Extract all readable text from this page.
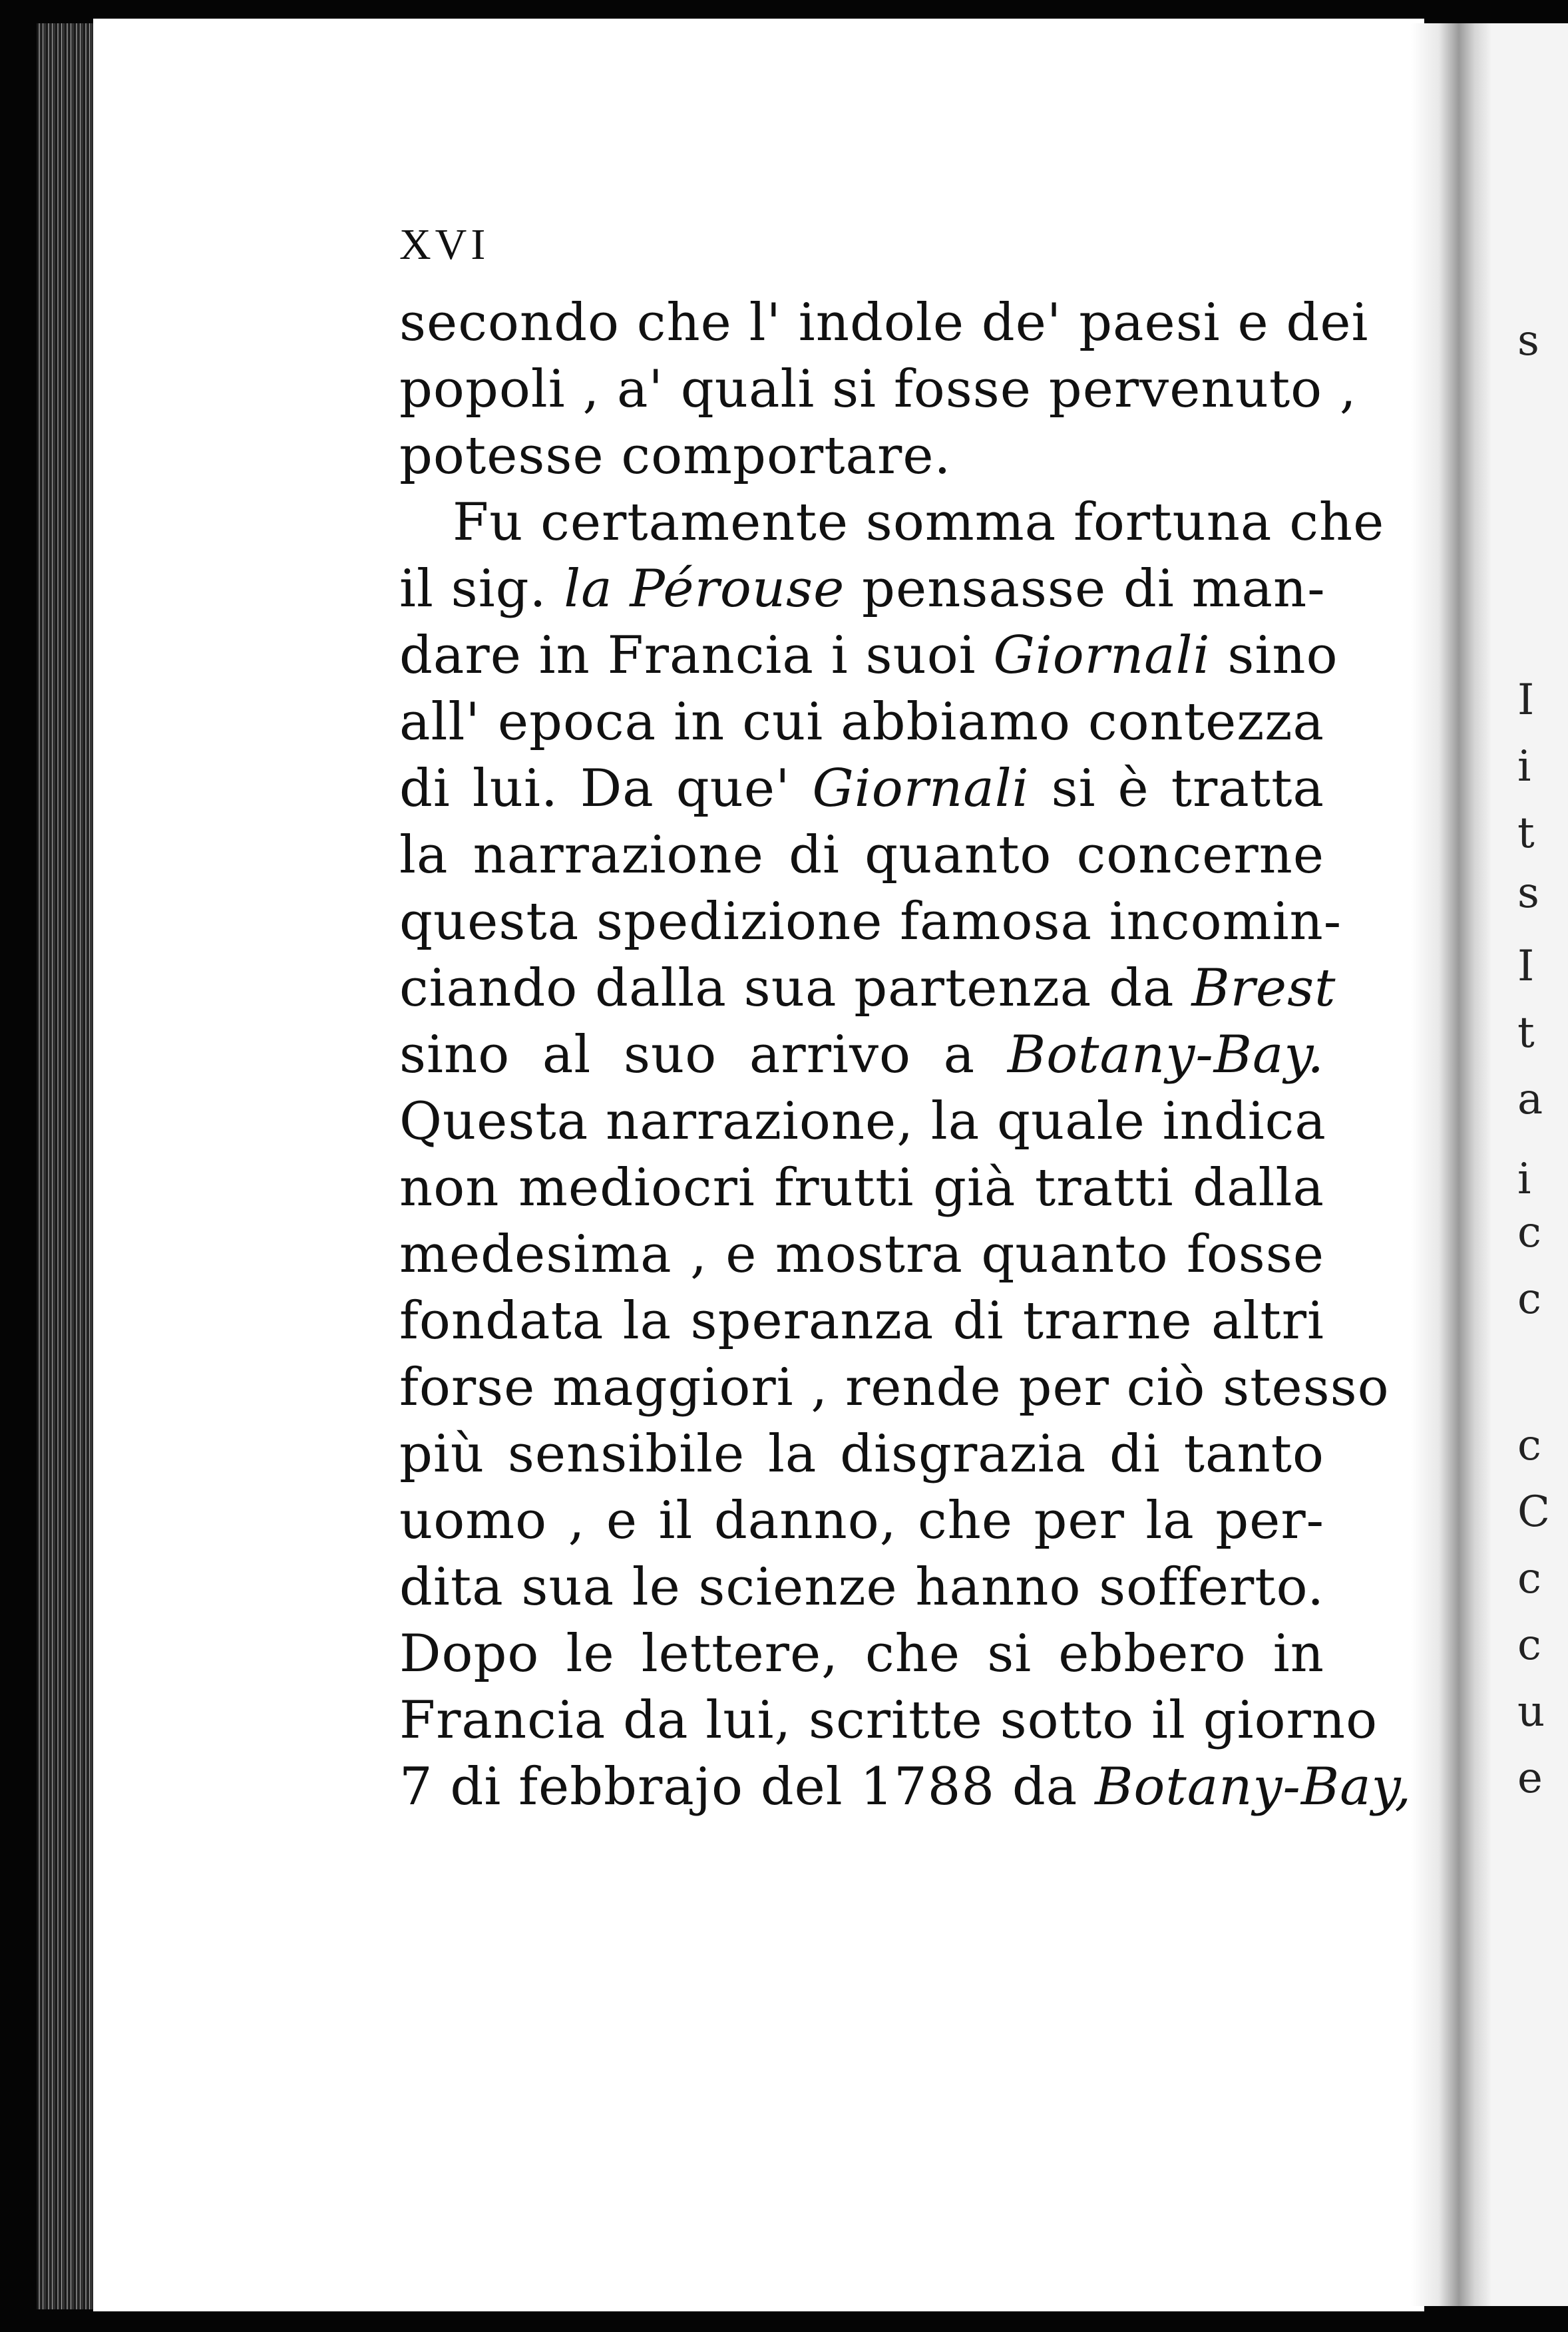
s
I
i
t
s
I
t
a
i
c
c
c
C
c
c
u
e
XVI
secondo che l' indole de' paesi e dei
popoli , a' quali si fosse pervenuto ,
potesse comportare.
Fu certamente somma fortuna che
il sig. la Pérouse pensasse di man-
dare in Francia i suoi Giornali sino
all' epoca in cui abbiamo contezza
di lui. Da que' Giornali si è tratta
la narrazione di quanto concerne
questa spedizione famosa incomin-
ciando dalla sua partenza da Brest
sino al suo arrivo a Botany-Bay.
Questa narrazione, la quale indica
non mediocri frutti già tratti dalla
medesima , e mostra quanto fosse
fondata la speranza di trarne altri
forse maggiori , rende per ciò stesso
più sensibile la disgrazia di tanto
uomo , e il danno, che per la per-
dita sua le scienze hanno sofferto.
Dopo le lettere, che si ebbero in
Francia da lui, scritte sotto il giorno
7 di febbrajo del 1788 da Botany-Bay,
